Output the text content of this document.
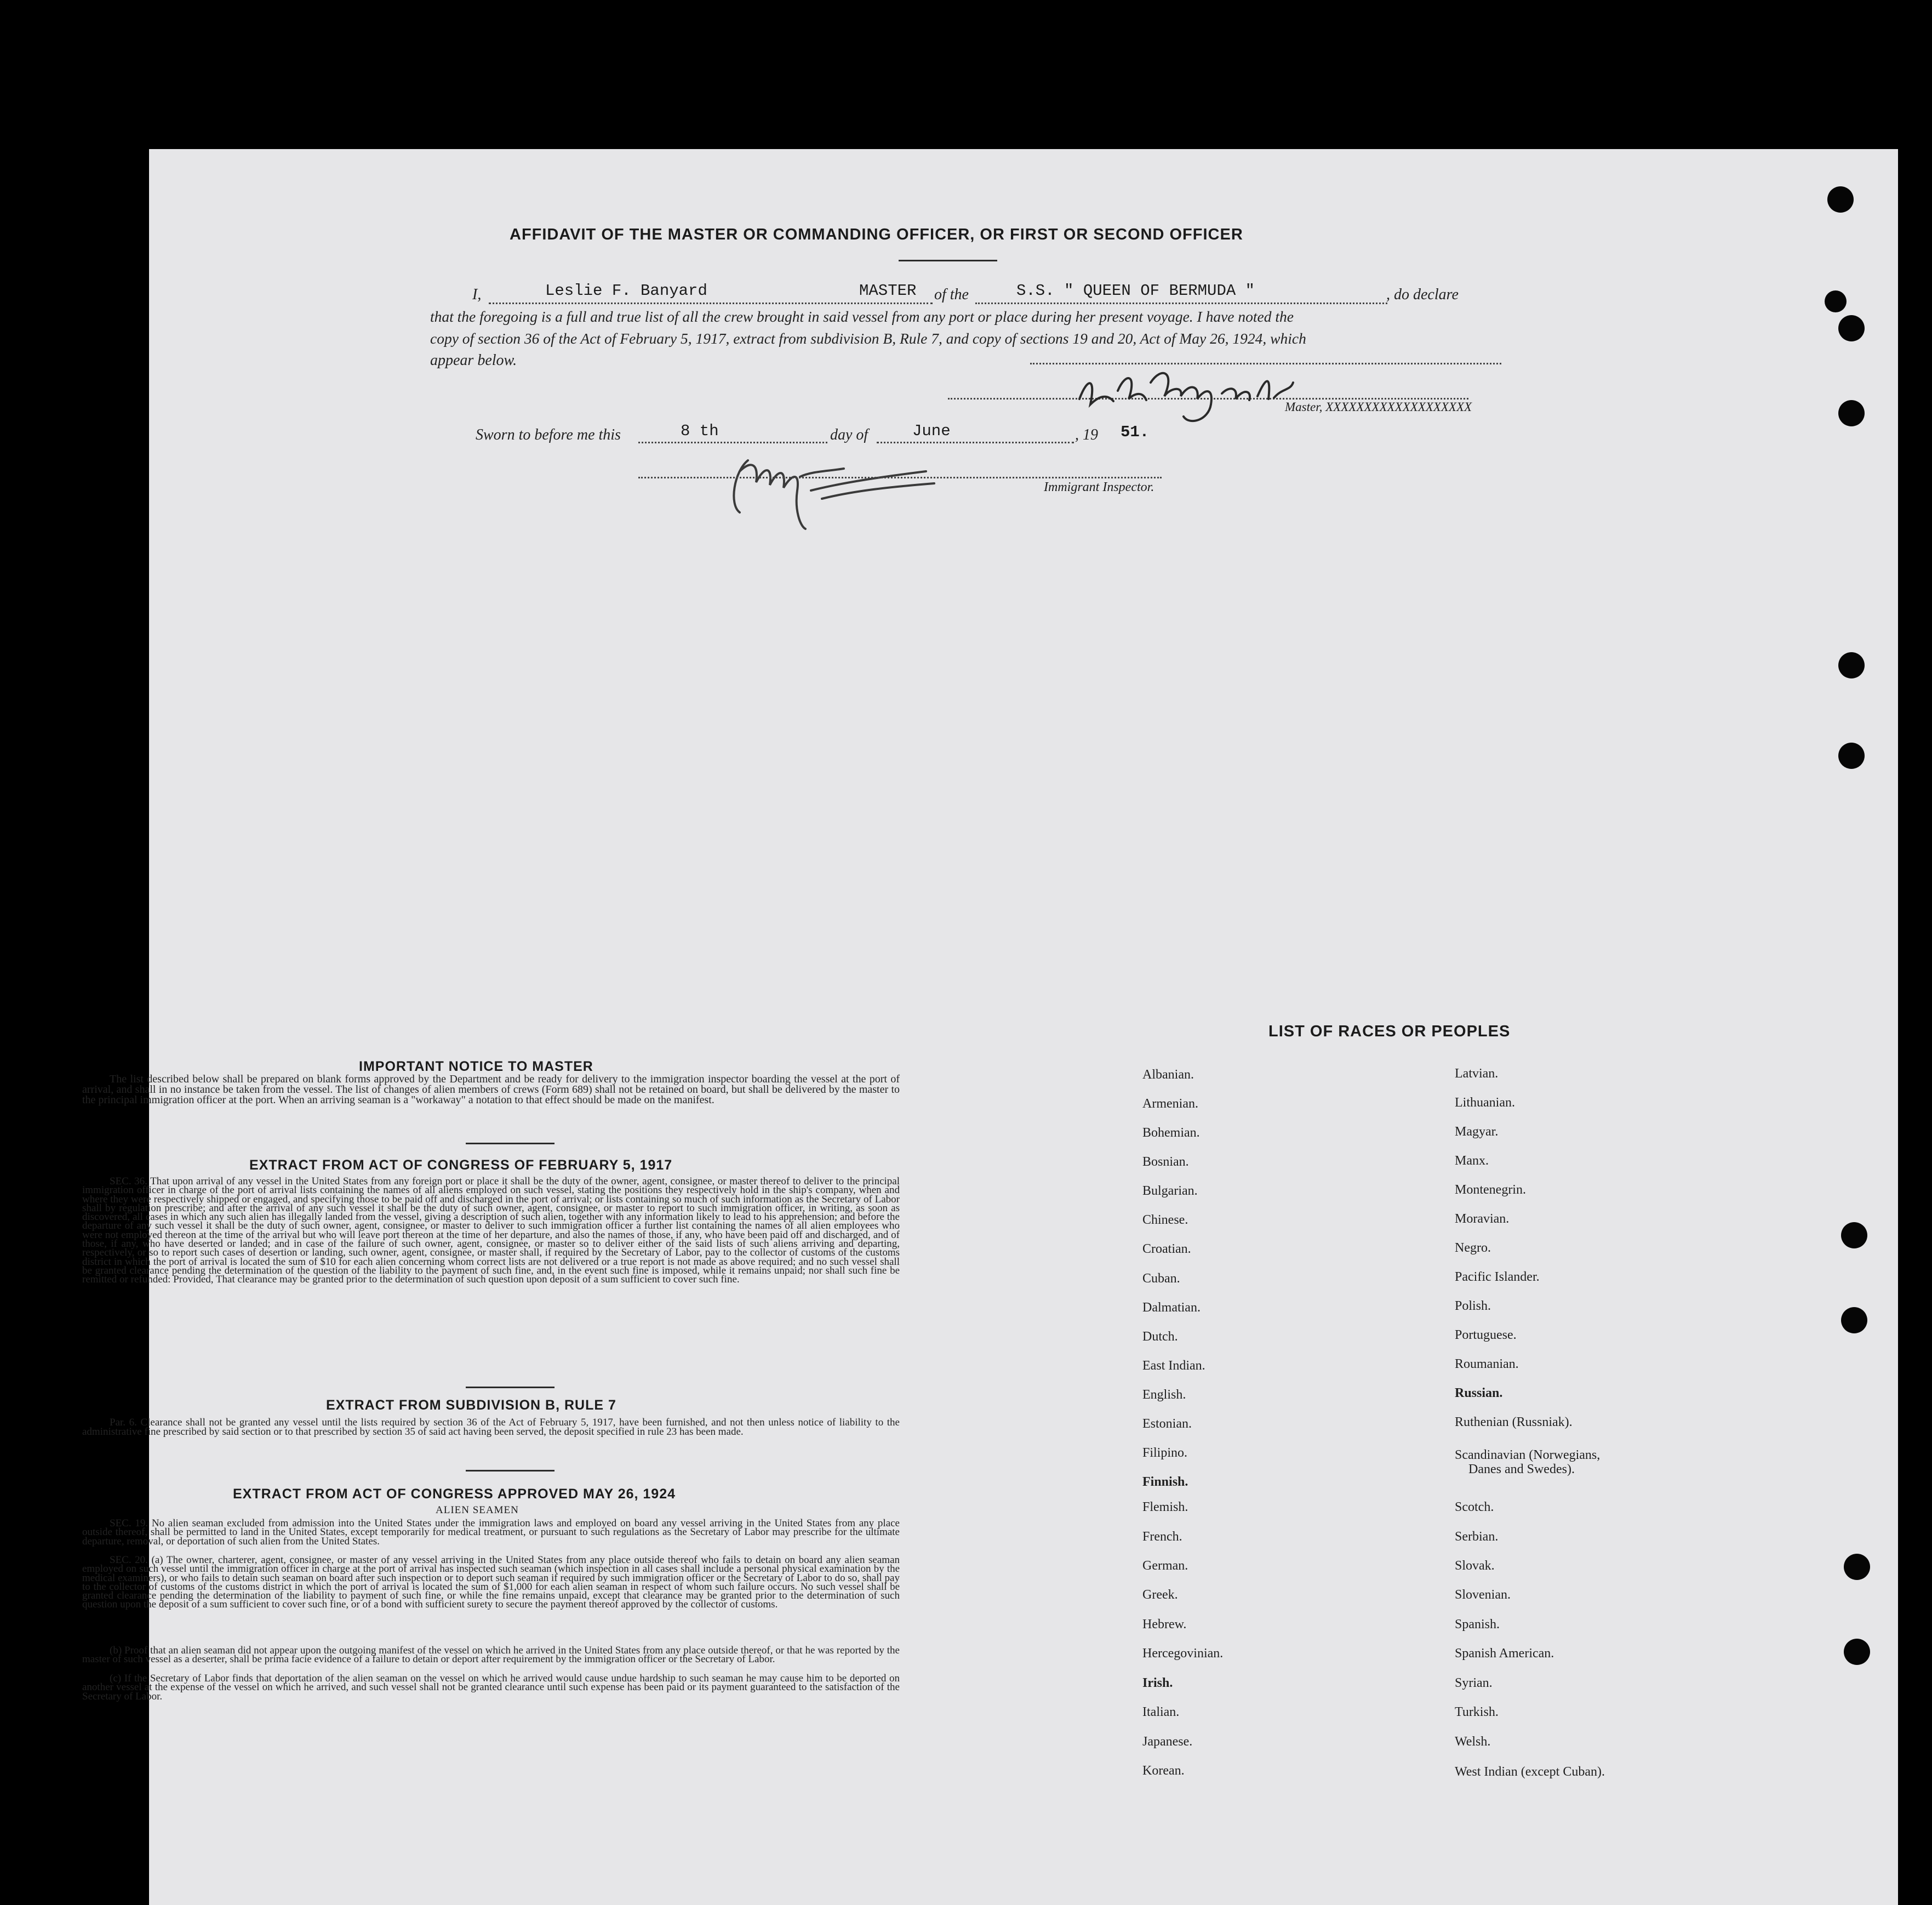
AFFIDAVIT OF THE MASTER OR COMMANDING OFFICER, OR FIRST OR SECOND OFFICER
I,	Leslie F. Banyard	MASTER of the	S.S. " QUEEN OF BERMUDA "	, do declare
that the foregoing is a full and true list of all the crew brought in said vessel from any port or place during her present voyage. I have noted the
copy of section 36 of the Act of February 5, 1917, extract from subdivision B, Rule 7, and copy of sections 19 and 20, Act of May 26, 1924, which
appear below.
Master, XXXXXXXXXXXXXXXXXXX
Sworn to before me this	8 th	day of	June	, 19 51.
Immigrant Inspector.
IMPORTANT NOTICE TO MASTER
The list described below shall be prepared on blank forms approved by the Department and be ready for delivery to the immigration inspector boarding the vessel at the port of arrival, and shall in no instance be taken from the vessel. The list of changes of alien members of crews (Form 689) shall not be retained on board, but shall be delivered by the master to the principal immigration officer at the port. When an arriving seaman is a "workaway" a notation to that effect should be made on the manifest.
EXTRACT FROM ACT OF CONGRESS OF FEBRUARY 5, 1917
SEC. 36. That upon arrival of any vessel in the United States from any foreign port or place it shall be the duty of the owner, agent, consignee, or master thereof to deliver to the principal immigration officer in charge of the port of arrival lists containing the names of all aliens employed on such vessel, stating the positions they respectively hold in the ship's company, when and where they were respectively shipped or engaged, and specifying those to be paid off and discharged in the port of arrival; or lists containing so much of such information as the Secretary of Labor shall by regulation prescribe; and after the arrival of any such vessel it shall be the duty of such owner, agent, consignee, or master to report to such immigration officer, in writing, as soon as discovered, all cases in which any such alien has illegally landed from the vessel, giving a description of such alien, together with any information likely to lead to his apprehension; and before the departure of any such vessel it shall be the duty of such owner, agent, consignee, or master to deliver to such immigration officer a further list containing the names of all alien employees who were not employed thereon at the time of the arrival but who will leave port thereon at the time of her departure, and also the names of those, if any, who have been paid off and discharged, and of those, if any, who have deserted or landed; and in case of the failure of such owner, agent, consignee, or master so to deliver either of the said lists of such aliens arriving and departing, respectively, or so to report such cases of desertion or landing, such owner, agent, consignee, or master shall, if required by the Secretary of Labor, pay to the collector of customs of the customs district in which the port of arrival is located the sum of $10 for each alien concerning whom correct lists are not delivered or a true report is not made as above required; and no such vessel shall be granted clearance pending the determination of the question of the liability to the payment of such fine, and, in the event such fine is imposed, while it remains unpaid; nor shall such fine be remitted or refunded: Provided, That clearance may be granted prior to the determination of such question upon deposit of a sum sufficient to cover such fine.
EXTRACT FROM SUBDIVISION B, RULE 7
Par. 6. Clearance shall not be granted any vessel until the lists required by section 36 of the Act of February 5, 1917, have been furnished, and not then unless notice of liability to the administrative fine prescribed by said section or to that prescribed by section 35 of said act having been served, the deposit specified in rule 23 has been made.
EXTRACT FROM ACT OF CONGRESS APPROVED MAY 26, 1924
ALIEN SEAMEN
SEC. 19. No alien seaman excluded from admission into the United States under the immigration laws and employed on board any vessel arriving in the United States from any place outside thereof, shall be permitted to land in the United States, except temporarily for medical treatment, or pursuant to such regulations as the Secretary of Labor may prescribe for the ultimate departure, removal, or deportation of such alien from the United States.
SEC. 20. (a) The owner, charterer, agent, consignee, or master of any vessel arriving in the United States from any place outside thereof who fails to detain on board any alien seaman employed on such vessel until the immigration officer in charge at the port of arrival has inspected such seaman (which inspection in all cases shall include a personal physical examination by the medical examiners), or who fails to detain such seaman on board after such inspection or to deport such seaman if required by such immigration officer or the Secretary of Labor to do so, shall pay to the collector of customs of the customs district in which the port of arrival is located the sum of $1,000 for each alien seaman in respect of whom such failure occurs. No such vessel shall be granted clearance pending the determination of the liability to payment of such fine, or while the fine remains unpaid, except that clearance may be granted prior to the determination of such question upon the deposit of a sum sufficient to cover such fine, or of a bond with sufficient surety to secure the payment thereof approved by the collector of customs.
(b) Proof that an alien seaman did not appear upon the outgoing manifest of the vessel on which he arrived in the United States from any place outside thereof, or that he was reported by the master of such vessel as a deserter, shall be prima facie evidence of a failure to detain or deport after requirement by the immigration officer or the Secretary of Labor.
(c) If the Secretary of Labor finds that deportation of the alien seaman on the vessel on which he arrived would cause undue hardship to such seaman he may cause him to be deported on another vessel at the expense of the vessel on which he arrived, and such vessel shall not be granted clearance until such expense has been paid or its payment guaranteed to the satisfaction of the Secretary of Labor.
LIST OF RACES OR PEOPLES
Albanian.
Armenian.
Bohemian.
Bosnian.
Bulgarian.
Chinese.
Croatian.
Cuban.
Dalmatian.
Dutch.
East Indian.
English.
Estonian.
Filipino.
Finnish.
Flemish.
French.
German.
Greek.
Hebrew.
Hercegovinian.
Irish.
Italian.
Japanese.
Korean.
Latvian.
Lithuanian.
Magyar.
Manx.
Montenegrin.
Moravian.
Negro.
Pacific Islander.
Polish.
Portuguese.
Roumanian.
Russian.
Ruthenian (Russniak).
Scandinavian (Norwegians,
Danes and Swedes).
Scotch.
Serbian.
Slovak.
Slovenian.
Spanish.
Spanish American.
Syrian.
Turkish.
Welsh.
West Indian (except Cuban).
